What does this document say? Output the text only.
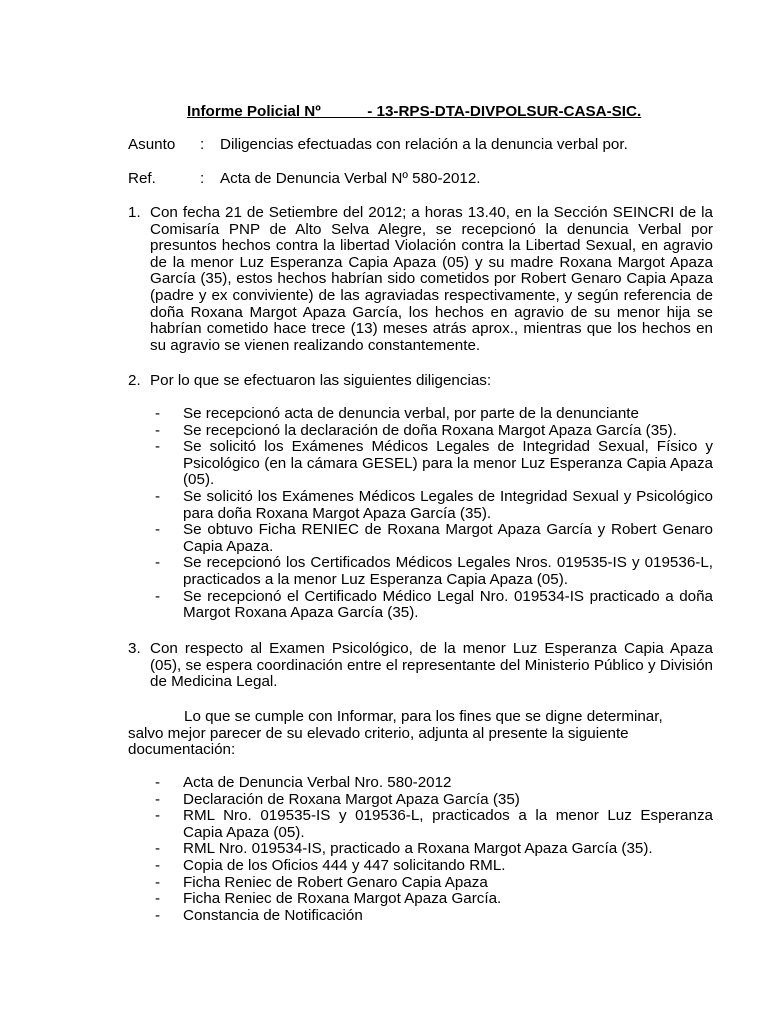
Informe Policial Nº           - 13-RPS-DTA-DIVPOLSUR-CASA-SIC.
Asunto : Diligencias efectuadas con relación a la denuncia verbal por.
Ref.	: Acta de Denuncia Verbal Nº 580-2012.
1. Con fecha 21 de Setiembre del 2012; a horas 13.40, en la Sección SEINCRI de la Comisaría PNP de Alto Selva Alegre, se recepcionó la denuncia Verbal por presuntos hechos contra la libertad Violación contra la Libertad Sexual, en agravio de la menor Luz Esperanza Capia Apaza (05) y su madre Roxana Margot Apaza García (35), estos hechos habrían sido cometidos por Robert Genaro Capia Apaza (padre y ex conviviente) de las agraviadas respectivamente, y según referencia de doña Roxana Margot Apaza García, los hechos en agravio de su menor hija se habrían cometido hace trece (13) meses atrás aprox., mientras que los hechos en su agravio se vienen realizando constantemente.
2. Por lo que se efectuaron las siguientes diligencias:
- Se recepcionó acta de denuncia verbal, por parte de la denunciante
- Se recepcionó la declaración de doña Roxana Margot Apaza García (35).
- Se solicitó los Exámenes Médicos Legales de Integridad Sexual, Físico y Psicológico (en la cámara GESEL) para la menor Luz Esperanza Capia Apaza (05).
- Se solicitó los Exámenes Médicos Legales de Integridad Sexual y Psicológico para doña Roxana Margot Apaza García (35).
- Se obtuvo Ficha RENIEC de Roxana Margot Apaza García y Robert Genaro Capia Apaza.
- Se recepcionó los Certificados Médicos Legales Nros. 019535-IS y 019536-L, practicados a la menor Luz Esperanza Capia Apaza (05).
- Se recepcionó el Certificado Médico Legal Nro. 019534-IS practicado a doña Margot Roxana Apaza García (35).
3. Con respecto al Examen Psicológico, de la menor Luz Esperanza Capia Apaza (05), se espera coordinación entre el representante del Ministerio Público y División de Medicina Legal.
Lo que se cumple con Informar, para los fines que se digne determinar,
salvo mejor parecer de su elevado criterio, adjunta al presente la siguiente
documentación:
- Acta de Denuncia Verbal Nro. 580-2012
- Declaración de Roxana Margot Apaza García (35)
- RML Nro. 019535-IS y 019536-L, practicados a la menor Luz Esperanza Capia Apaza (05).
- RML Nro. 019534-IS, practicado a Roxana Margot Apaza García (35).
- Copia de los Oficios 444 y 447 solicitando RML.
- Ficha Reniec de Robert Genaro Capia Apaza
- Ficha Reniec de Roxana Margot Apaza García.
- Constancia de Notificación
